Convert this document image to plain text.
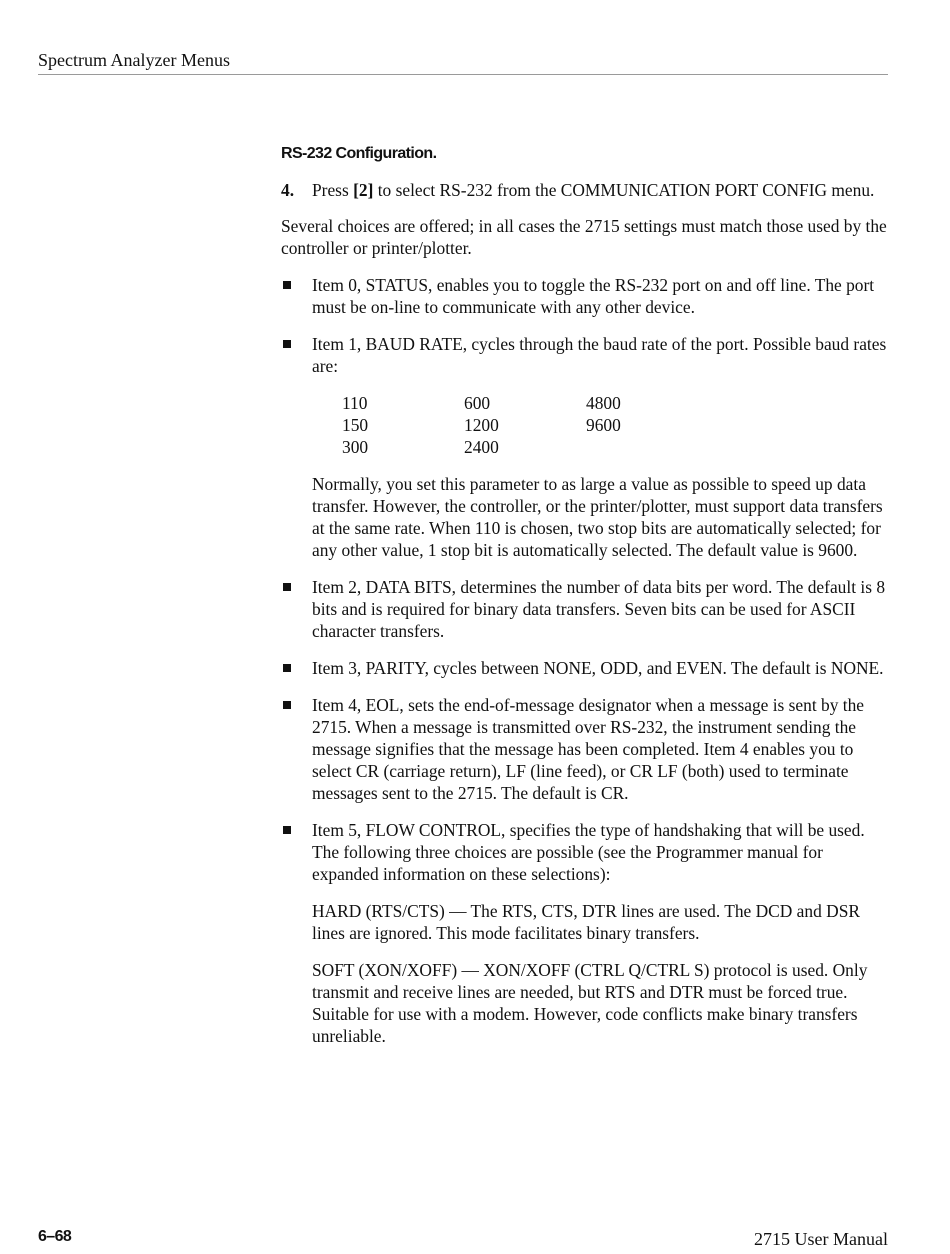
Spectrum Analyzer Menus
RS-232 Configuration.
4.	Press [2] to select RS-232 from the COMMUNICATION PORT CONFIG menu.

Several choices are offered; in all cases the 2715 settings must match those used by the controller or printer/plotter.

Item 0, STATUS, enables you to toggle the RS-232 port on and off line. The port must be on-line to communicate with any other device.

Item 1, BAUD RATE, cycles through the baud rate of the port. Possible baud rates are:

110	600	4800
150	1200	9600
300	2400

Normally, you set this parameter to as large a value as possible to speed up data transfer. However, the controller, or the printer/plotter, must support data transfers at the same rate. When 110 is chosen, two stop bits are automatically selected; for any other value, 1 stop bit is automatically selected. The default value is 9600.

Item 2, DATA BITS, determines the number of data bits per word. The default is 8 bits and is required for binary data transfers. Seven bits can be used for ASCII character transfers.

Item 3, PARITY, cycles between NONE, ODD, and EVEN. The default is NONE.

Item 4, EOL, sets the end-of-message designator when a message is sent by the 2715. When a message is transmitted over RS-232, the instrument sending the message signifies that the message has been completed. Item 4 enables you to select CR (carriage return), LF (line feed), or CR LF (both) used to terminate messages sent to the 2715. The default is CR.

Item 5, FLOW CONTROL, specifies the type of handshaking that will be used. The following three choices are possible (see the Programmer manual for expanded information on these selections):

HARD (RTS/CTS) — The RTS, CTS, DTR lines are used. The DCD and DSR lines are ignored. This mode facilitates binary transfers.

SOFT (XON/XOFF) — XON/XOFF (CTRL Q/CTRL S) protocol is used. Only transmit and receive lines are needed, but RTS and DTR must be forced true. Suitable for use with a modem. However, code conflicts make binary transfers unreliable.

6–68	2715 User Manual
